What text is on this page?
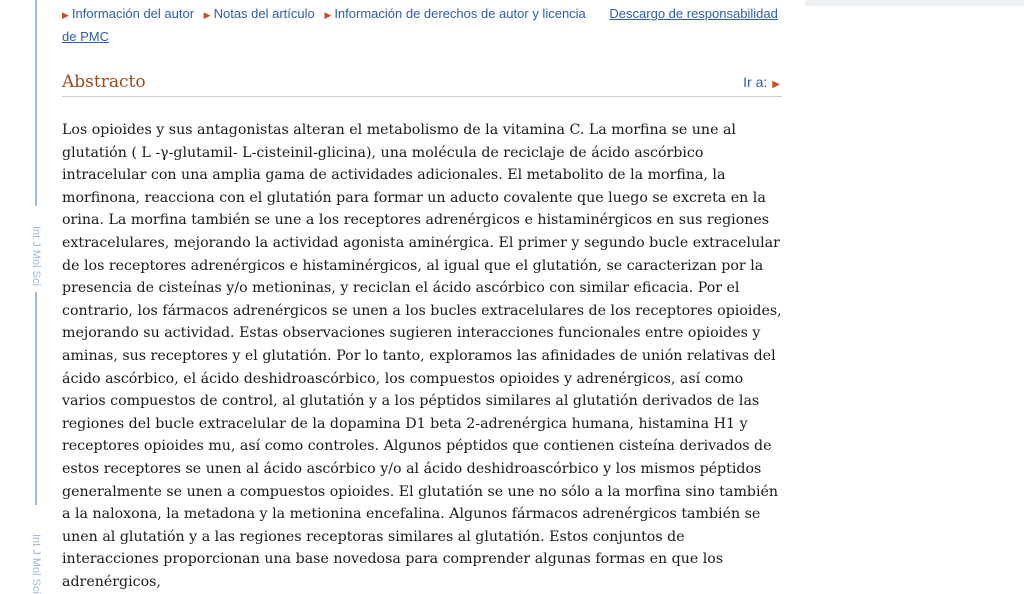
Int J Mol Sci
Int J Mol Sci
▶ Información del autor ▶ Notas del artículo ▶ Información de derechos de autor y licencia Descargo de responsabilidad de PMC
Abstracto	Ir a: ▶

Los opioides y sus antagonistas alteran el metabolismo de la vitamina C. La morfina se une al glutatión ( L -γ-glutamil- L-cisteinil-glicina), una molécula de reciclaje de ácido ascórbico intracelular con una amplia gama de actividades adicionales. El metabolito de la morfina, la morfinona, reacciona con el glutatión para formar un aducto covalente que luego se excreta en la orina. La morfina también se une a los receptores adrenérgicos e histaminérgicos en sus regiones extracelulares, mejorando la actividad agonista aminérgica. El primer y segundo bucle extracelular de los receptores adrenérgicos e histaminérgicos, al igual que el glutatión, se caracterizan por la presencia de cisteínas y/o metioninas, y reciclan el ácido ascórbico con similar eficacia. Por el contrario, los fármacos adrenérgicos se unen a los bucles extracelulares de los receptores opioides, mejorando su actividad. Estas observaciones sugieren interacciones funcionales entre opioides y aminas, sus receptores y el glutatión. Por lo tanto, exploramos las afinidades de unión relativas del ácido ascórbico, el ácido deshidroascórbico, los compuestos opioides y adrenérgicos, así como varios compuestos de control, al glutatión y a los péptidos similares al glutatión derivados de las regiones del bucle extracelular de la dopamina D1 beta 2-adrenérgica humana, histamina H1 y receptores opioides mu, así como controles. Algunos péptidos que contienen cisteína derivados de estos receptores se unen al ácido ascórbico y/o al ácido deshidroascórbico y los mismos péptidos generalmente se unen a compuestos opioides. El glutatión se une no sólo a la morfina sino también a la naloxona, la metadona y la metionina encefalina. Algunos fármacos adrenérgicos también se unen al glutatión y a las regiones receptoras similares al glutatión. Estos conjuntos de interacciones proporcionan una base novedosa para comprender algunas formas en que los adrenérgicos,
